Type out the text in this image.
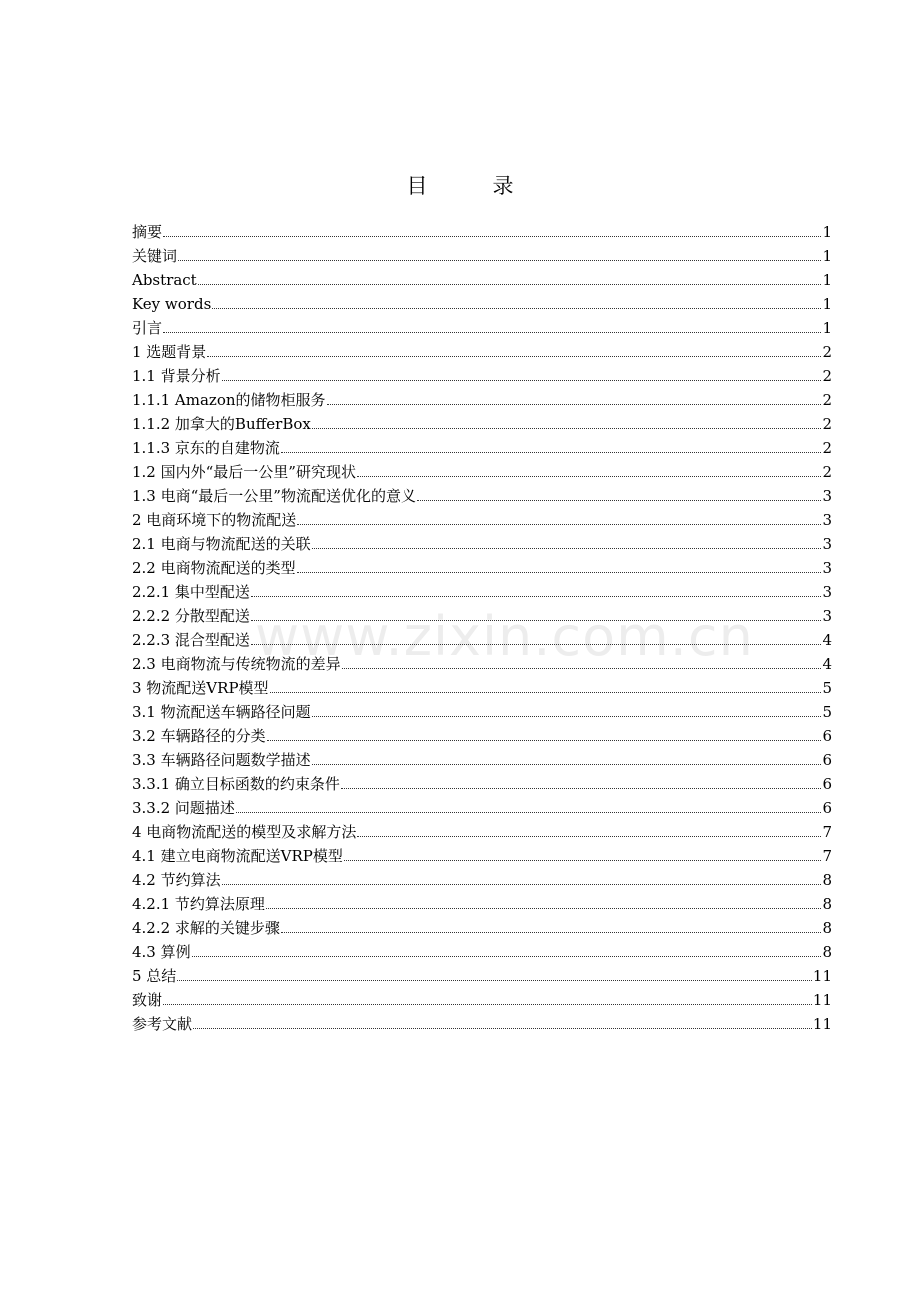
目　录
www.zixin.com.cn
摘要	1
关键词	1
Abstract	1
Key words	1
引言	1
1 选题背景	2
1.1 背景分析	2
1.1.1 Amazon的储物柜服务	2
1.1.2 加拿大的BufferBox	2
1.1.3 京东的自建物流	2
1.2 国内外“最后一公里”研究现状	2
1.3 电商“最后一公里”物流配送优化的意义	3
2 电商环境下的物流配送	3
2.1 电商与物流配送的关联	3
2.2 电商物流配送的类型	3
2.2.1 集中型配送	3
2.2.2 分散型配送	3
2.2.3 混合型配送	4
2.3 电商物流与传统物流的差异	4
3 物流配送VRP模型	5
3.1 物流配送车辆路径问题	5
3.2 车辆路径的分类	6
3.3 车辆路径问题数学描述	6
3.3.1 确立目标函数的约束条件	6
3.3.2 问题描述	6
4 电商物流配送的模型及求解方法	7
4.1 建立电商物流配送VRP模型	7
4.2 节约算法	8
4.2.1 节约算法原理	8
4.2.2 求解的关键步骤	8
4.3 算例	8
5 总结	11
致谢	11
参考文献	11
